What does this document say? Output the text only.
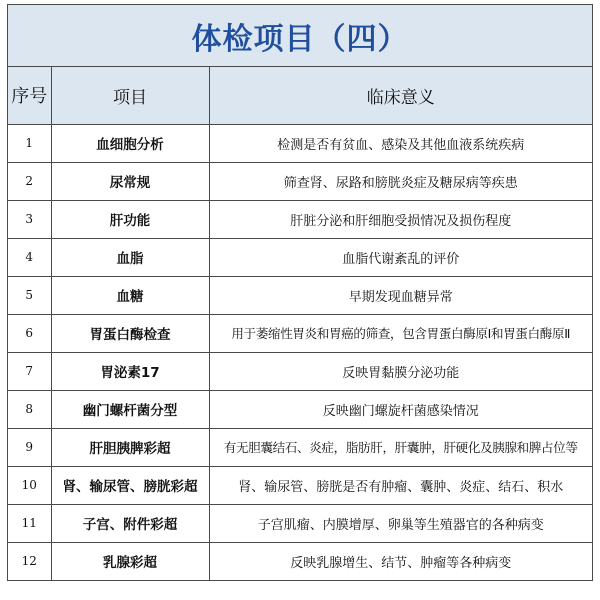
体检项目（四）
序号	项目	临床意义
1	血细胞分析	检测是否有贫血、感染及其他血液系统疾病
2	尿常规	筛查肾、尿路和膀胱炎症及糖尿病等疾患
3	肝功能	肝脏分泌和肝细胞受损情况及损伤程度
4	血脂	血脂代谢紊乱的评价
5	血糖	早期发现血糖异常
6	胃蛋白酶检查	用于萎缩性胃炎和胃癌的筛查，包含胃蛋白酶原Ⅰ和胃蛋白酶原Ⅱ
7	胃泌素17	反映胃黏膜分泌功能
8	幽门螺杆菌分型	反映幽门螺旋杆菌感染情况
9	肝胆胰脾彩超	有无胆囊结石、炎症，脂肪肝，肝囊肿，肝硬化及胰腺和脾占位等
10	肾、输尿管、膀胱彩超	肾、输尿管、膀胱是否有肿瘤、囊肿、炎症、结石、积水
11	子宫、附件彩超	子宫肌瘤、内膜增厚、卵巢等生殖器官的各种病变
12	乳腺彩超	反映乳腺增生、结节、肿瘤等各种病变
